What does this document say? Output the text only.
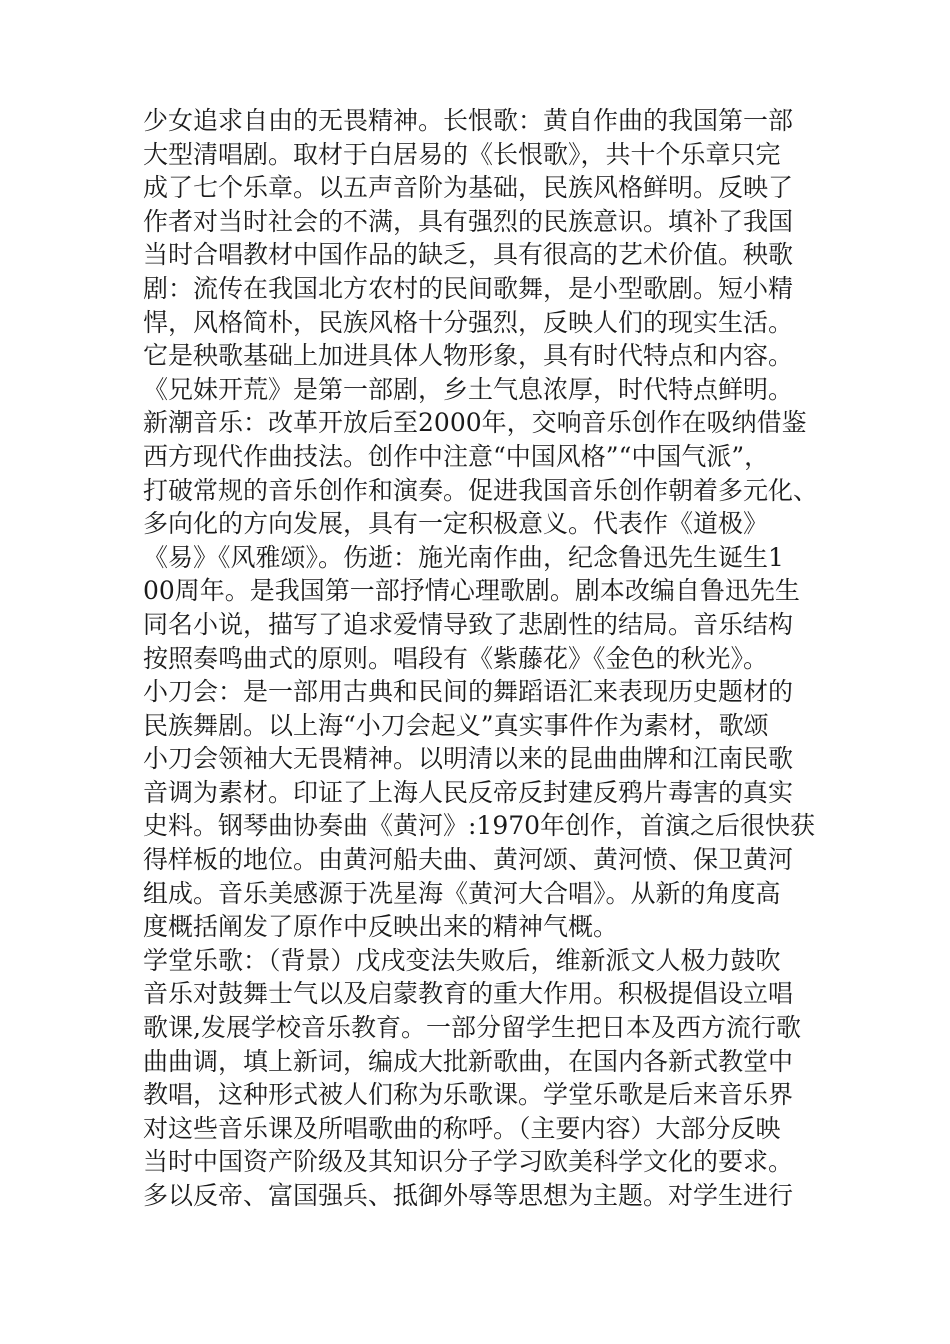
少女追求自由的无畏精神。长恨歌：黄自作曲的我国第一部
大型清唱剧。取材于白居易的《长恨歌》，共十个乐章只完
成了七个乐章。以五声音阶为基础，民族风格鲜明。反映了
作者对当时社会的不满，具有强烈的民族意识。填补了我国
当时合唱教材中国作品的缺乏，具有很高的艺术价值。秧歌
剧：流传在我国北方农村的民间歌舞，是小型歌剧。短小精
悍，风格简朴，民族风格十分强烈，反映人们的现实生活。
它是秧歌基础上加进具体人物形象，具有时代特点和内容。
《兄妹开荒》是第一部剧，乡土气息浓厚，时代特点鲜明。
新潮音乐：改革开放后至2000年，交响音乐创作在吸纳借鉴
西方现代作曲技法。创作中注意“中国风格”“中国气派”，
打破常规的音乐创作和演奏。促进我国音乐创作朝着多元化、
多向化的方向发展，具有一定积极意义。代表作《道极》
《易》《风雅颂》。伤逝：施光南作曲，纪念鲁迅先生诞生1
00周年。是我国第一部抒情心理歌剧。剧本改编自鲁迅先生
同名小说，描写了追求爱情导致了悲剧性的结局。音乐结构
按照奏鸣曲式的原则。唱段有《紫藤花》《金色的秋光》。
小刀会：是一部用古典和民间的舞蹈语汇来表现历史题材的
民族舞剧。以上海“小刀会起义”真实事件作为素材，歌颂
小刀会领袖大无畏精神。以明清以来的昆曲曲牌和江南民歌
音调为素材。印证了上海人民反帝反封建反鸦片毒害的真实
史料。钢琴曲协奏曲《黄河》:1970年创作，首演之后很快获
得样板的地位。由黄河船夫曲、黄河颂、黄河愤、保卫黄河
组成。音乐美感源于冼星海《黄河大合唱》。从新的角度高
度概括阐发了原作中反映出来的精神气概。
学堂乐歌：（背景）戊戌变法失败后，维新派文人极力鼓吹
音乐对鼓舞士气以及启蒙教育的重大作用。积极提倡设立唱
歌课,发展学校音乐教育。一部分留学生把日本及西方流行歌
曲曲调，填上新词，编成大批新歌曲，在国内各新式教堂中
教唱，这种形式被人们称为乐歌课。学堂乐歌是后来音乐界
对这些音乐课及所唱歌曲的称呼。（主要内容）大部分反映
当时中国资产阶级及其知识分子学习欧美科学文化的要求。
多以反帝、富国强兵、抵御外辱等思想为主题。对学生进行
